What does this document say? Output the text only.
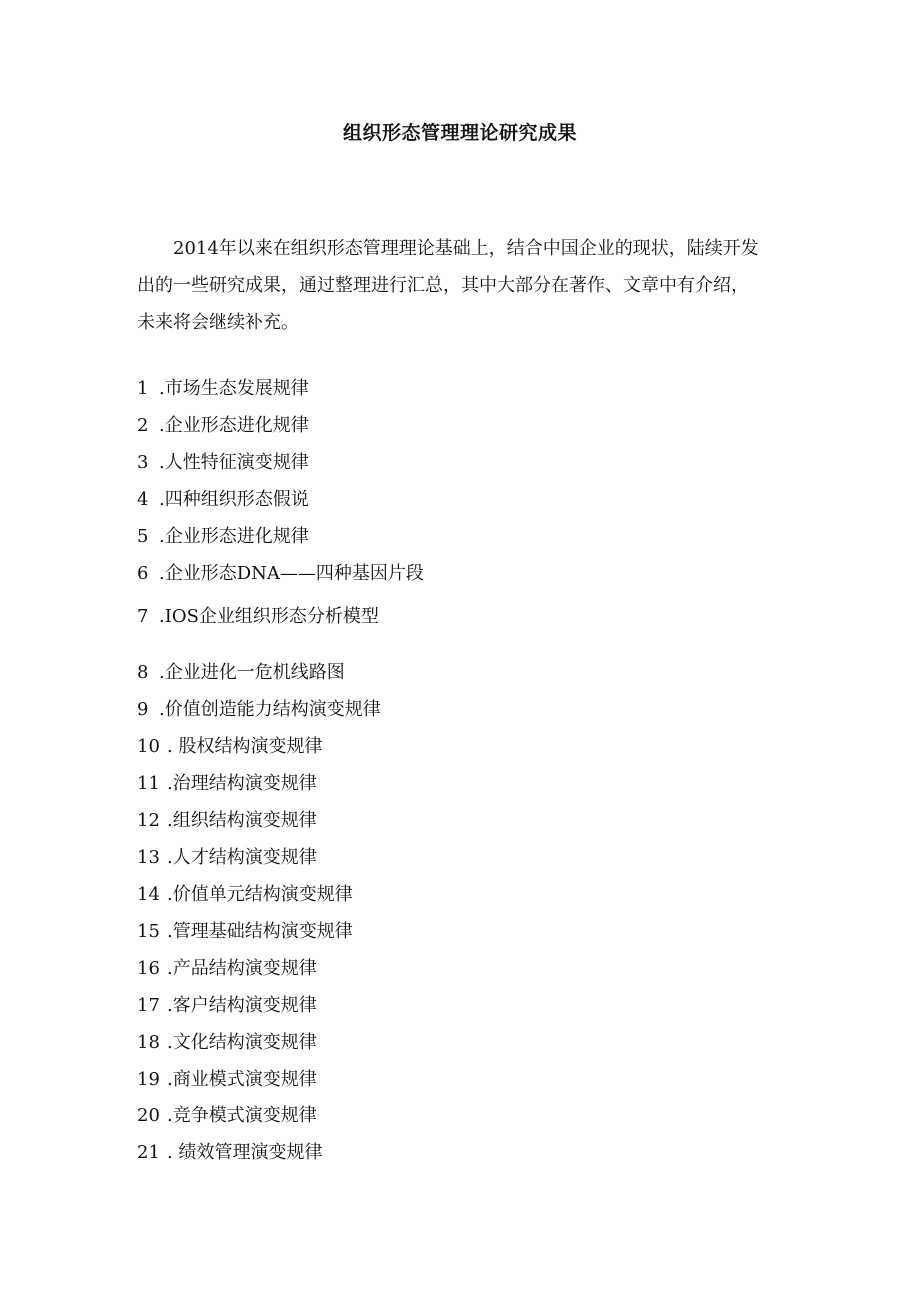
组织形态管理理论研究成果

2014年以来在组织形态管理理论基础上，结合中国企业的现状，陆续开发
出的一些研究成果，通过整理进行汇总，其中大部分在著作、文章中有介绍，
未来将会继续补充。

1 .市场生态发展规律
2 .企业形态进化规律
3 .人性特征演变规律
4 .四种组织形态假说
5 .企业形态进化规律
6 .企业形态DNA——四种基因片段
7 .IOS企业组织形态分析模型
8 .企业进化一危机线路图
9 .价值创造能力结构演变规律
10 . 股权结构演变规律
11 .治理结构演变规律
12 .组织结构演变规律
13 .人才结构演变规律
14 .价值单元结构演变规律
15 .管理基础结构演变规律
16 .产品结构演变规律
17 .客户结构演变规律
18 .文化结构演变规律
19 .商业模式演变规律
20 .竞争模式演变规律
21 . 绩效管理演变规律
